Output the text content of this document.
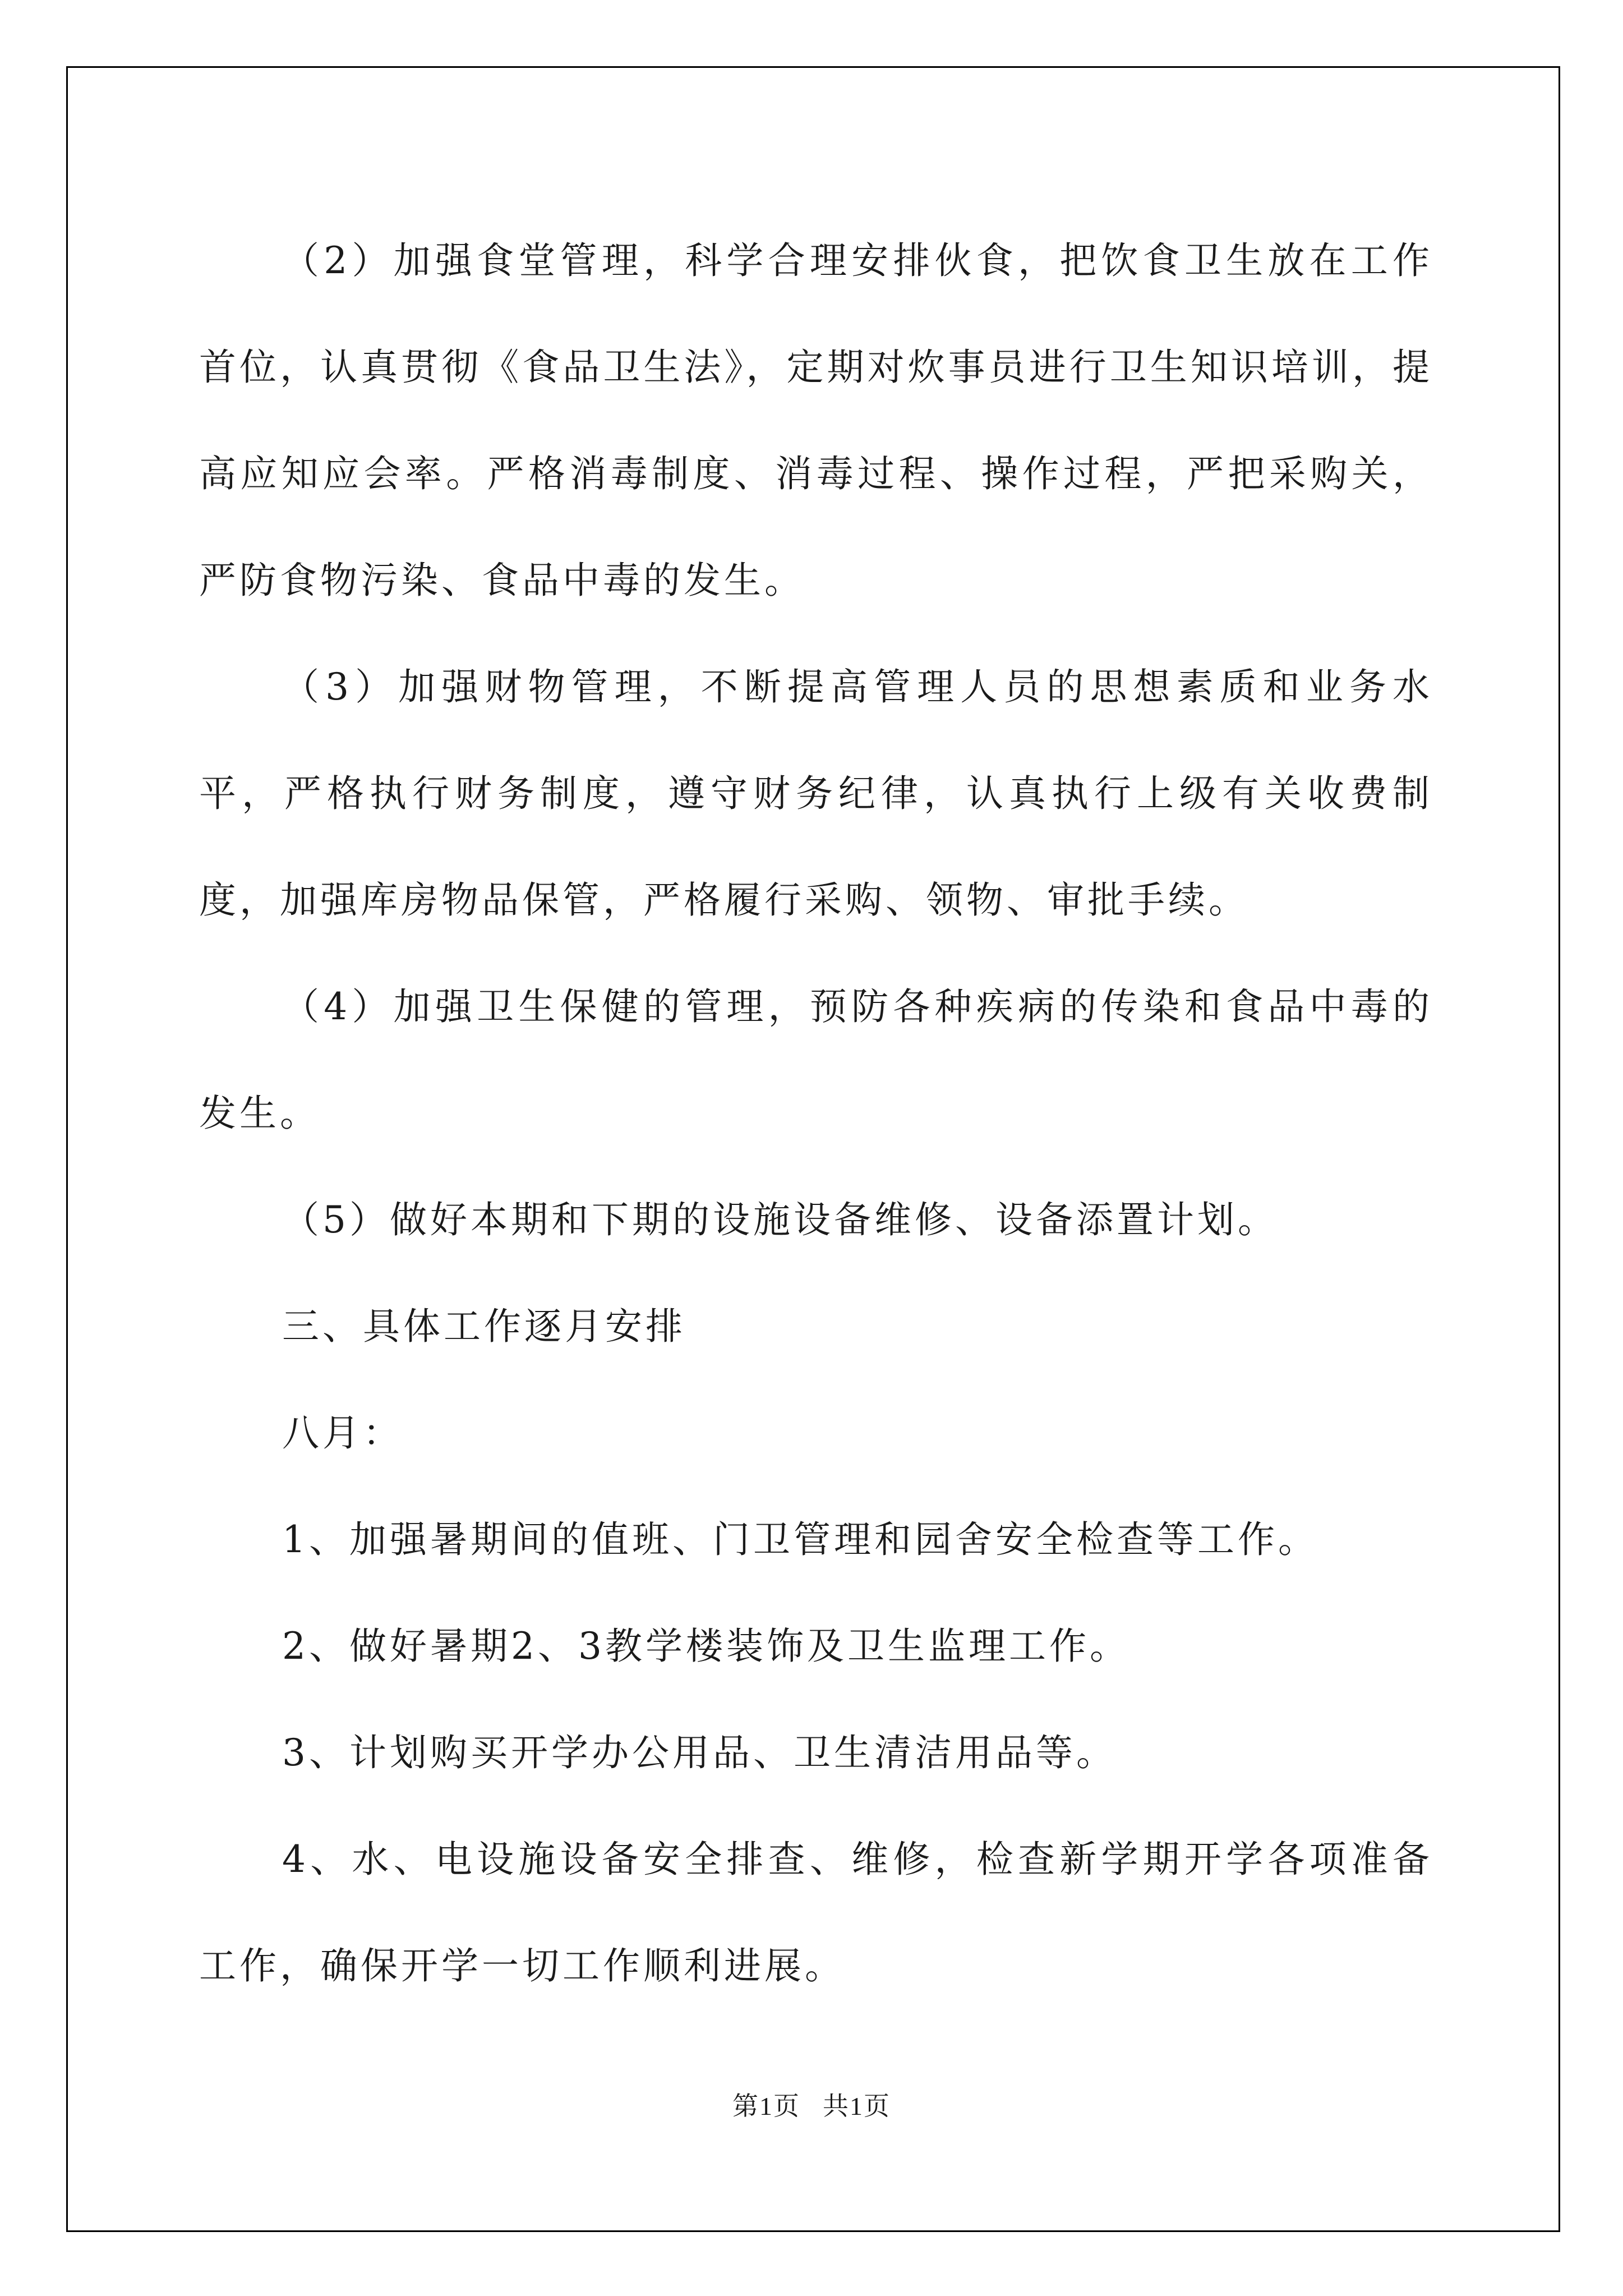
（2）加强食堂管理，科学合理安排伙食，把饮食卫生放在工作首位，认真贯彻《食品卫生法》，定期对炊事员进行卫生知识培训，提高应知应会率。严格消毒制度、消毒过程、操作过程，严把采购关，严防食物污染、食品中毒的发生。

（3）加强财物管理，不断提高管理人员的思想素质和业务水平，严格执行财务制度，遵守财务纪律，认真执行上级有关收费制度，加强库房物品保管，严格履行采购、领物、审批手续。

（4）加强卫生保健的管理，预防各种疾病的传染和食品中毒的发生。

（5）做好本期和下期的设施设备维修、设备添置计划。

三、具体工作逐月安排

八月：

1、加强暑期间的值班、门卫管理和园舍安全检查等工作。

2、做好暑期2、3教学楼装饰及卫生监理工作。

3、计划购买开学办公用品、卫生清洁用品等。

4、水、电设施设备安全排查、维修，检查新学期开学各项准备工作，确保开学一切工作顺利进展。

第1页 共1页
